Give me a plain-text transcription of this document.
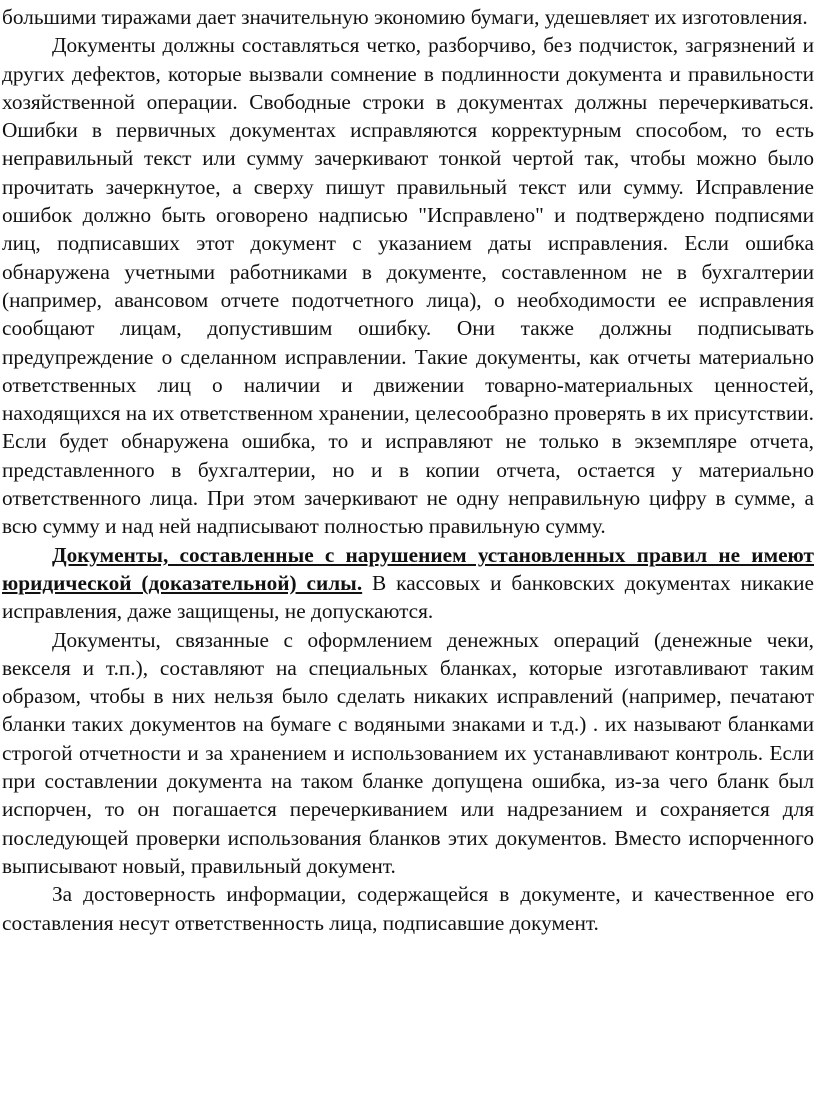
большими тиражами дает значительную экономию бумаги, удешевляет их изготовления.

Документы должны составляться четко, разборчиво, без подчисток, загрязнений и других дефектов, которые вызвали сомнение в подлинности документа и правильности хозяйственной операции. Свободные строки в документах должны перечеркиваться. Ошибки в первичных документах исправляются корректурным способом, то есть неправильный текст или сумму зачеркивают тонкой чертой так, чтобы можно было прочитать зачеркнутое, а сверху пишут правильный текст или сумму. Исправление ошибок должно быть оговорено надписью "Исправлено" и подтверждено подписями лиц, подписавших этот документ с указанием даты исправления. Если ошибка обнаружена учетными работниками в документе, составленном не в бухгалтерии (например, авансовом отчете подотчетного лица), о необходимости ее исправления сообщают лицам, допустившим ошибку. Они также должны подписывать предупреждение о сделанном исправлении. Такие документы, как отчеты материально ответственных лиц о наличии и движении товарно-материальных ценностей, находящихся на их ответственном хранении, целесообразно проверять в их присутствии. Если будет обнаружена ошибка, то и исправляют не только в экземпляре отчета, представленного в бухгалтерии, но и в копии отчета, остается у материально ответственного лица. При этом зачеркивают не одну неправильную цифру в сумме, а всю сумму и над ней надписывают полностью правильную сумму.

Документы, составленные с нарушением установленных правил не имеют юридической (доказательной) силы. В кассовых и банковских документах никакие исправления, даже защищены, не допускаются.

Документы, связанные с оформлением денежных операций (денежные чеки, векселя и т.п.), составляют на специальных бланках, которые изготавливают таким образом, чтобы в них нельзя было сделать никаких исправлений (например, печатают бланки таких документов на бумаге с водяными знаками и т.д.) . их называют бланками строгой отчетности и за хранением и использованием их устанавливают контроль. Если при составлении документа на таком бланке допущена ошибка, из-за чего бланк был испорчен, то он погашается перечеркиванием или надрезанием и сохраняется для последующей проверки использования бланков этих документов. Вместо испорченного выписывают новый, правильный документ.

За достоверность информации, содержащейся в документе, и качественное его составления несут ответственность лица, подписавшие документ.
